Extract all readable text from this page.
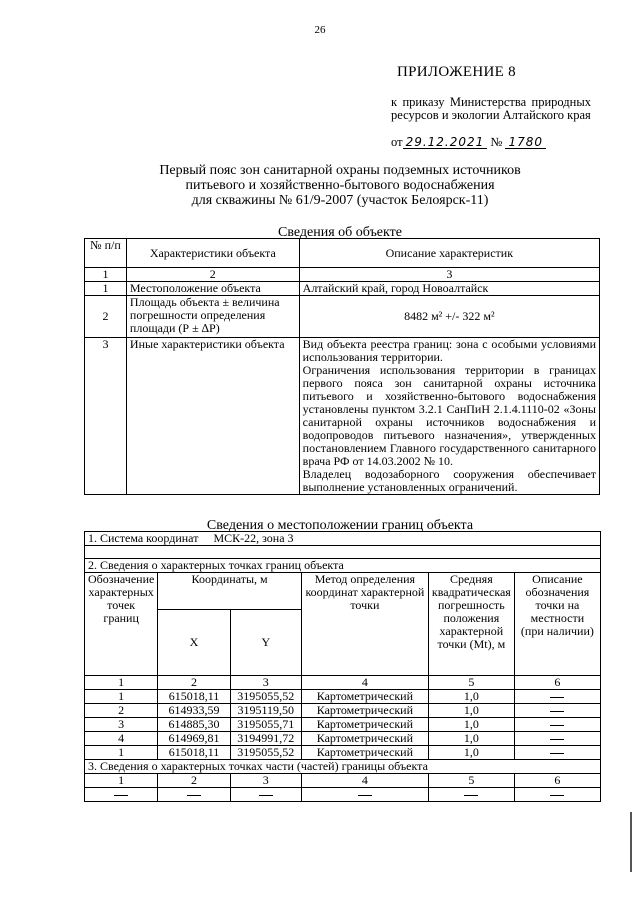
26
ПРИЛОЖЕНИЕ 8
к приказу Министерства природных ресурсов и экологии Алтайского края
от 29.12.2021 № 1780
Первый пояс зон санитарной охраны подземных источников
питьевого и хозяйственно-бытового водоснабжения
для скважины № 61/9-2007 (участок Белоярск-11)
Сведения об объекте
№ п/п	Характеристики объекта	Описание характеристик
1	2	3
1	Местоположение объекта	Алтайский край, город Новоалтайск
2	Площадь объекта ± величина погрешности определения площади (Р ± ∆Р)	8482 м² +/- 322 м²
3	Иные характеристики объекта	Вид объекта реестра границ: зона с особыми условиями использования территории.
Ограничения использования территории в границах первого пояса зон санитарной охраны источника питьевого и хозяйственно-бытового водоснабжения установлены пунктом 3.2.1 СанПиН 2.1.4.1110-02 «Зоны санитарной охраны источников водоснабжения и водопроводов питьевого назначения», утвержденных постановлением Главного государственного санитарного врача РФ от 14.03.2002 № 10.
Владелец водозаборного сооружения обеспечивает выполнение установленных ограничений.
Сведения о местоположении границ объекта
1. Система координат МСК-22, зона 3					

2. Сведения о характерных точках границ объекта					
Обозначение характерных точек границ	Координаты, м		Метод определения координат характерной точки	Средняя квадратическая погрешность положения характерной точки (Mt), м	Описание обозначения точки на местности (при наличии)
	X	Y			
1	2	3	4	5	6
1	615018,11	3195055,52	Картометрический	1,0	
2	614933,59	3195119,50	Картометрический	1,0	
3	614885,30	3195055,71	Картометрический	1,0	
4	614969,81	3194991,72	Картометрический	1,0	
1	615018,11	3195055,52	Картометрический	1,0	
3. Сведения о характерных точках части (частей) границы объекта					
1	2	3	4	5	6
